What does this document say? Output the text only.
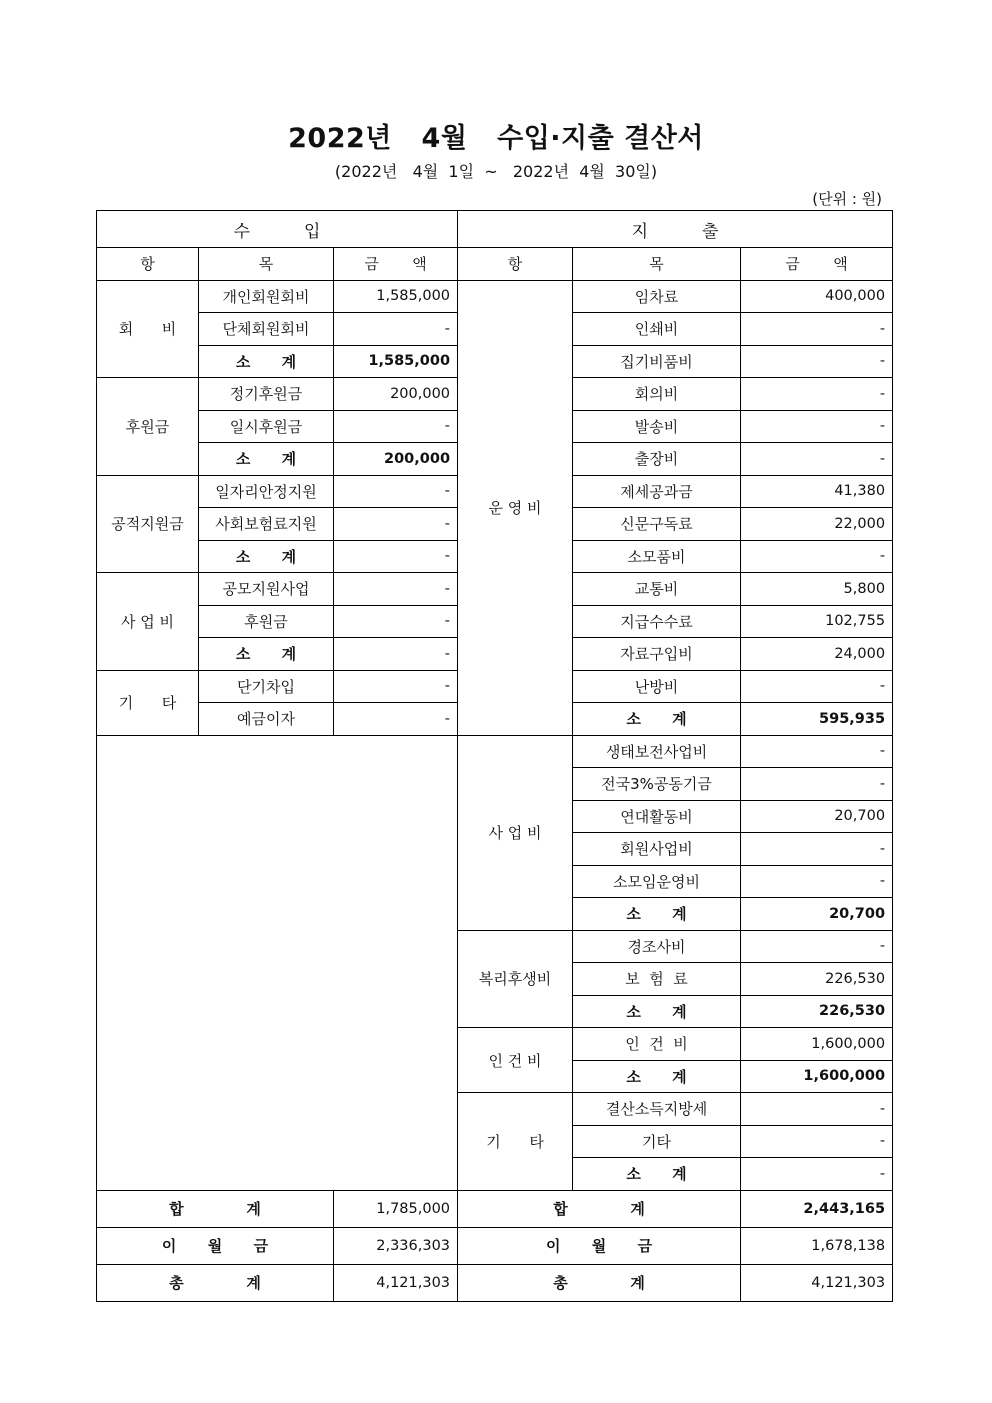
2022년   4월   수입·지출 결산서
(2022년   4월  1일  ~   2022년  4월  30일)
(단위 : 원)
수          입			지          출		
항	목	금       액	항	목	금       액
회      비	개인회원회비	1,585,000	운 영 비	임차료	400,000
	단체회원회비	-		인쇄비	-
	소      계	1,585,000		집기비품비	-
후원금	정기후원금	200,000		회의비	-
	일시후원금	-		발송비	-
	소      계	200,000		출장비	-
공적지원금	일자리안정지원	-		제세공과금	41,380
	사회보험료지원	-		신문구독료	22,000
	소      계	-		소모품비	-
사 업 비	공모지원사업	-		교통비	5,800
	후원금	-		지급수수료	102,755
	소      계	-		자료구입비	24,000
기      타	단기차입	-		난방비	-
	예금이자	-		소      계	595,935
			사 업 비	생태보전사업비	-
				전국3%공동기금	-
				연대활동비	20,700
				회원사업비	-
				소모임운영비	-
				소      계	20,700
			복리후생비	경조사비	-
				보  험  료	226,530
				소      계	226,530
			인 건 비	인  건  비	1,600,000
				소      계	1,600,000
			기      타	결산소득지방세	-
				기타	-
				소      계	-
합            계		1,785,000	합            계		2,443,165
이      월      금		2,336,303	이      월      금		1,678,138
총            계		4,121,303	총            계		4,121,303
